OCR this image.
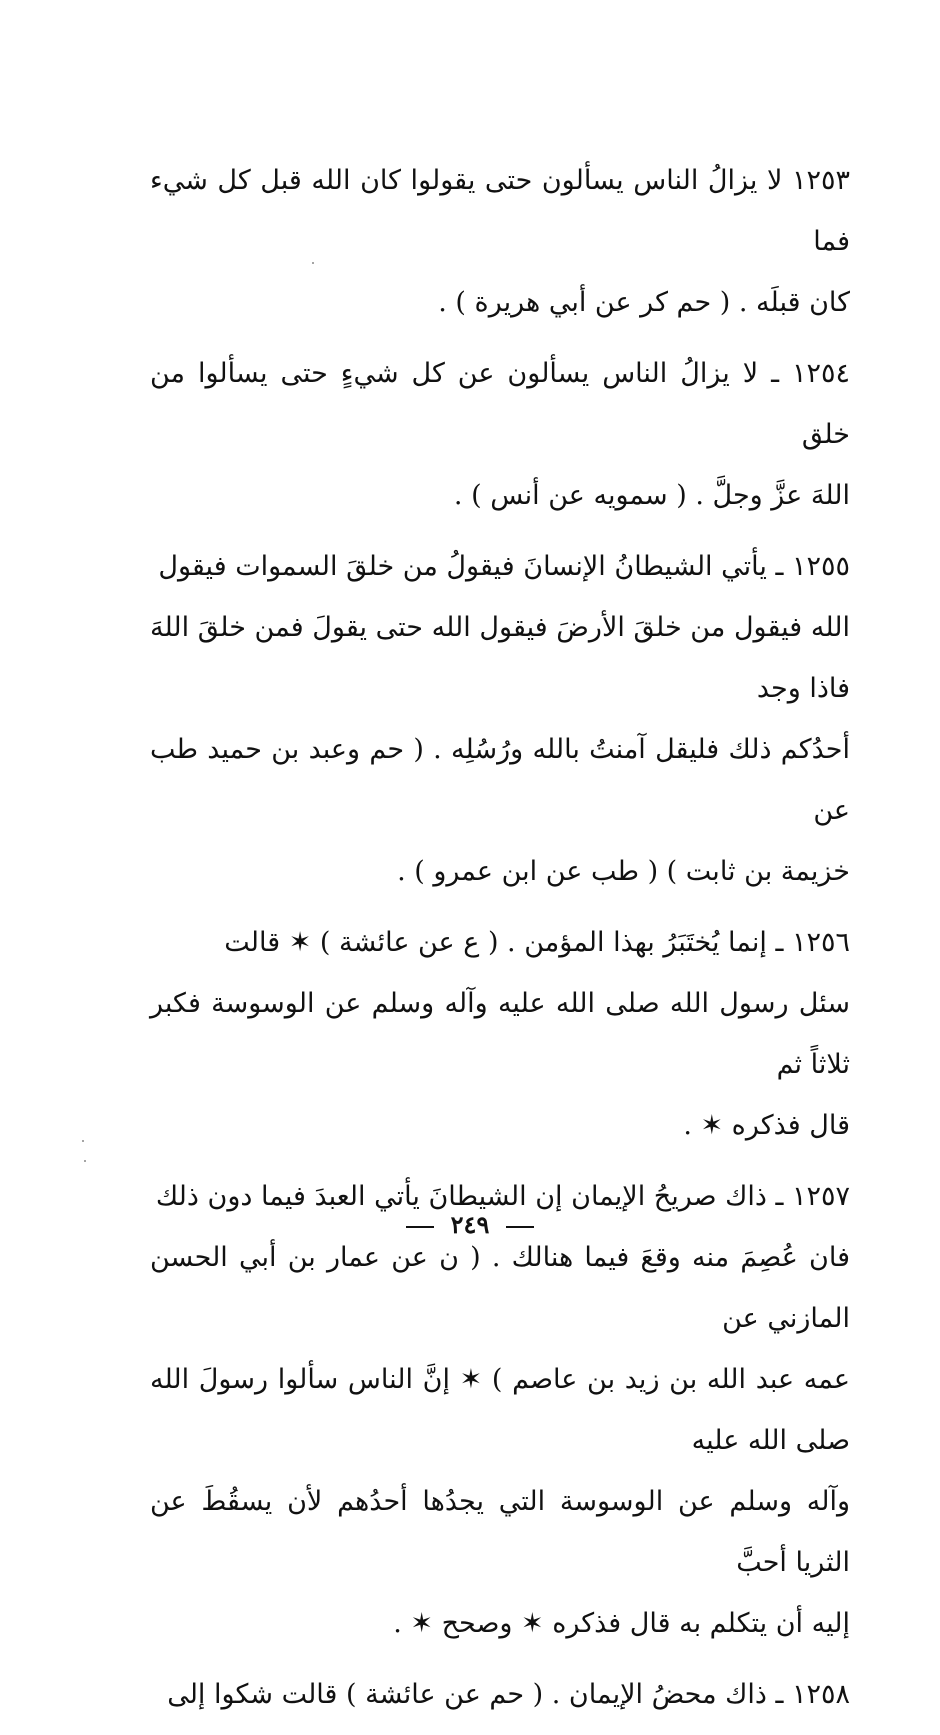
١٢٥٣ لا يزالُ الناس يسألون حتى يقولوا كان الله قبل كل شيء فما
كان قبلَه . ( حم كر عن أبي هريرة ) .
١٢٥٤ ـ لا يزالُ الناس يسألون عن كل شيءٍ حتى يسألوا من خلق
اللهَ عزَّ وجلَّ . ( سمويه عن أنس ) .
١٢٥٥ ـ يأتي الشيطانُ الإنسانَ فيقولُ من خلقَ السموات فيقول
الله فيقول من خلقَ الأرضَ فيقول الله حتى يقولَ فمن خلقَ اللهَ فاذا وجد
أحدُكم ذلك فليقل آمنتُ بالله ورُسُلِه . ( حم وعبد بن حميد طب عن
خزيمة بن ثابت ) ( طب عن ابن عمرو ) .
١٢٥٦ ـ إنما يُختَبَرُ بهذا المؤمن . ( ع عن عائشة ) ✶ قالت
سئل رسول الله صلى الله عليه وآله وسلم عن الوسوسة فكبر ثلاثاً ثم
قال فذكره ✶ .
١٢٥٧ ـ ذاك صريحُ الإيمان إن الشيطانَ يأتي العبدَ فيما دون ذلك
فان عُصِمَ منه وقعَ فيما هنالك . ( ن عن عمار بن أبي الحسن المازني عن
عمه عبد الله بن زيد بن عاصم ) ✶ إنَّ الناس سألوا رسولَ الله صلى الله عليه
وآله وسلم عن الوسوسة التي يجدُها أحدُهم لأن يسقُطَ عن الثريا أحبَّ
إليه أن يتكلم به قال فذكره ✶ وصحح ✶ .
١٢٥٨ ـ ذاك محضُ الإيمان . ( حم عن عائشة ) قالت شكوا إلى
٢٤٩
